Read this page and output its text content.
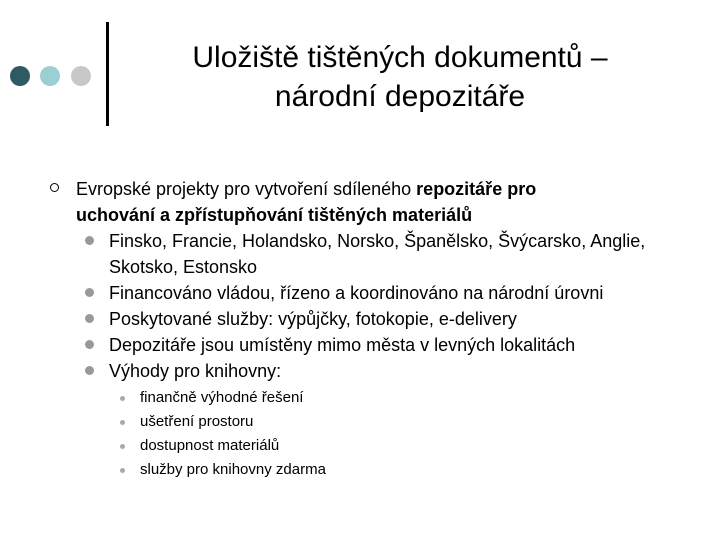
Uložiště tištěných dokumentů –
národní depozitáře
Evropské projekty pro vytvoření sdíleného repozitáře pro
uchování a zpřístupňování tištěných materiálů
Finsko, Francie, Holandsko, Norsko, Španělsko, Švýcarsko, Anglie, Skotsko, Estonsko
Financováno vládou, řízeno a koordinováno na národní úrovni
Poskytované služby: výpůjčky, fotokopie, e-delivery
Depozitáře jsou umístěny mimo města v levných lokalitách
Výhody pro knihovny:
finančně výhodné řešení
ušetření prostoru
dostupnost materiálů
služby pro knihovny zdarma
